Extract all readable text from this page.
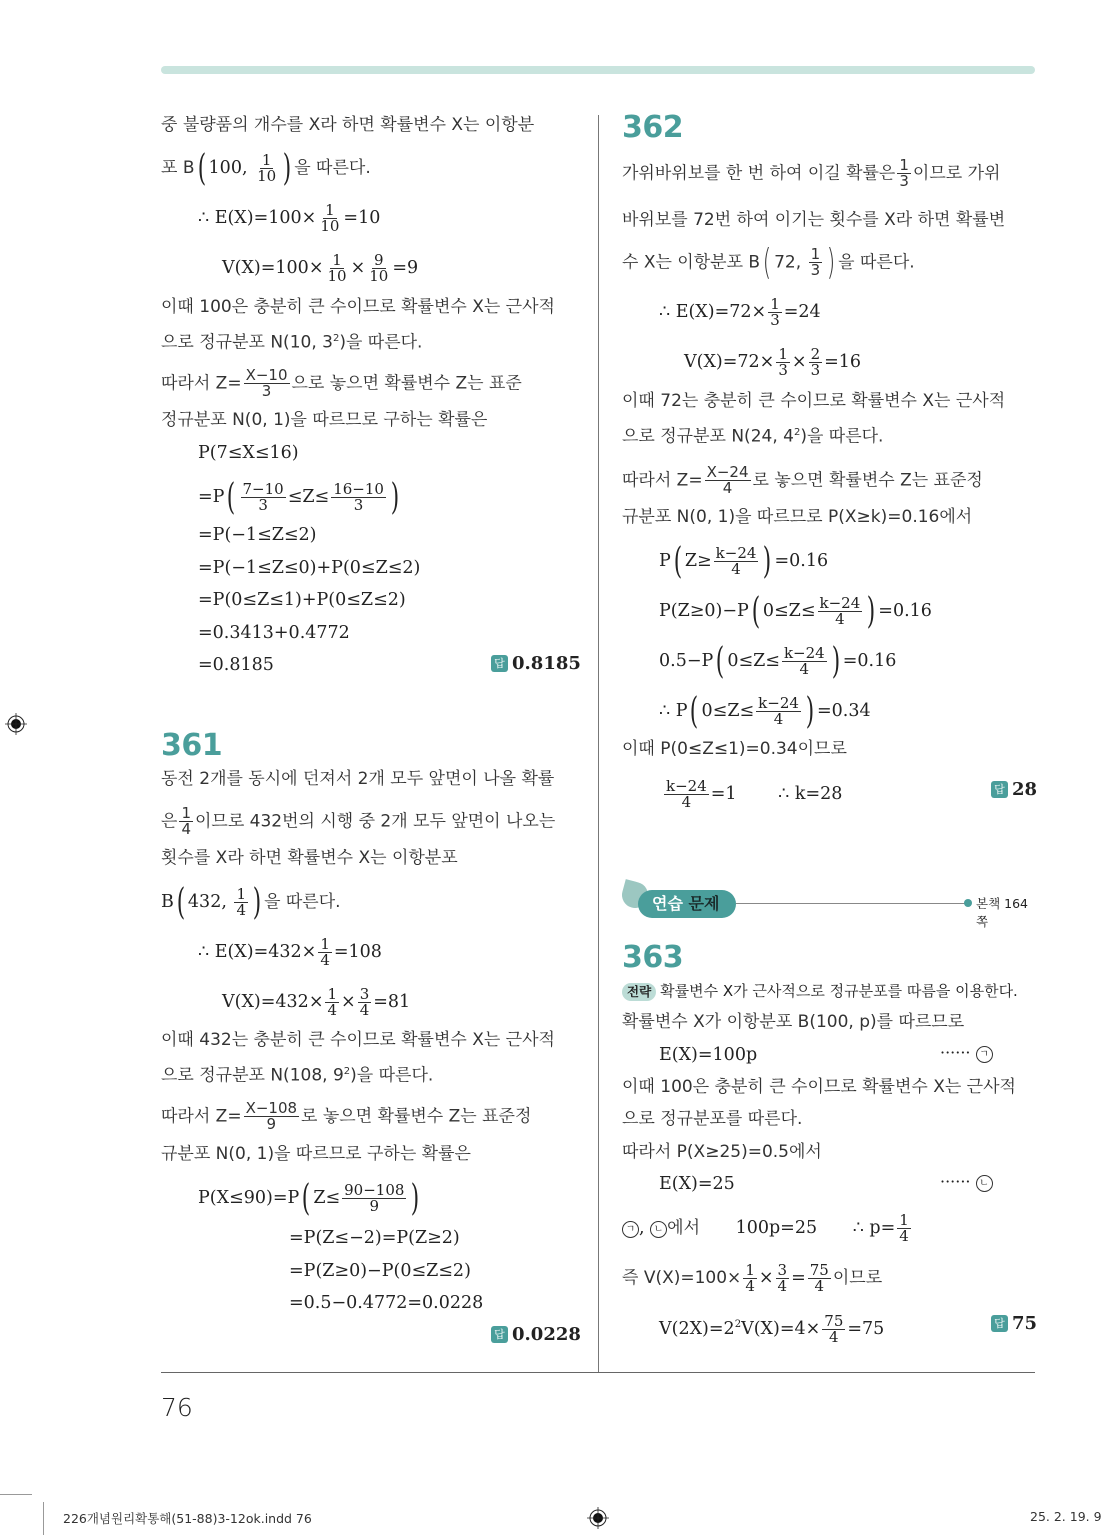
중 불량품의 개수를 X라 하면 확률변수 X는 이항분
포 B( 100, $\frac{1}{10}$ ) 을 따른다.
∴ $E(X)=100\times \frac{1}{10} =10$
$V(X)=100\times \frac{1}{10} \times \frac{9}{10} =9$
이때 100은 충분히 큰 수이므로 확률변수 X는 근사적
으로 정규분포 N(10, $3^2$)을 따른다.
따라서 $Z= \frac{X-10}{3}$ 으로 놓으면 확률변수 Z는 표준
정규분포 N(0, 1)을 따르므로 구하는 확률은
P(7≤X≤16)
$=P( \frac{7-10}{3} \le Z\le \frac{16-10}{3}$ )
=P(−1≤Z≤2)
=P(−1≤Z≤0)+P(0≤Z≤2)
=P(0≤Z≤1)+P(0≤Z≤2)
=0.3413+0.4772
=0.8185	답 0.8185
361
동전 2개를 동시에 던져서 2개 모두 앞면이 나올 확률
은 $\frac{1}{4}$ 이므로 432번의 시행 중 2개 모두 앞면이 나오는
횟수를 X라 하면 확률변수 X는 이항분포
B( 432, $\frac{1}{4}$ ) 을 따른다.
∴ $E(X)=432\times \frac{1}{4} =108$
$V(X)=432\times \frac{1}{4} \times \frac{3}{4} =81$
이때 432는 충분히 큰 수이므로 확률변수 X는 근사적
으로 정규분포 N(108, $9^2$)을 따른다.
따라서 $Z= \frac{X-108}{9}$ 로 놓으면 확률변수 Z는 표준정
규분포 N(0, 1)을 따르므로 구하는 확률은
P(X≤90)=P( $Z\le \frac{90-108}{9}$ )
=P(Z≤−2)=P(Z≥2)
=P(Z≥0)−P(0≤Z≤2)
=0.5−0.4772=0.0228
답 0.0228
362
가위바위보를 한 번 하여 이길 확률은 $\frac{1}{3}$ 이므로 가위
바위보를 72번 하여 이기는 횟수를 X라 하면 확률변
수 X는 이항분포 B( 72, $\frac{1}{3}$ ) 을 따른다.
∴ $E(X)=72\times \frac{1}{3} =24$
$V(X)=72\times \frac{1}{3} \times \frac{2}{3} =16$
이때 72는 충분히 큰 수이므로 확률변수 X는 근사적
으로 정규분포 N(24, $4^2$)을 따른다.
따라서 $Z= \frac{X-24}{4}$ 로 놓으면 확률변수 Z는 표준정
규분포 N(0, 1)을 따르므로 P(X≥k)=0.16에서
P( $Z\ge \frac{k-24}{4}$ ) =0.16
P(Z≥0)−P( $0\le Z\le \frac{k-24}{4}$ ) =0.16
0.5−P( $0\le Z\le \frac{k-24}{4}$ ) =0.16
∴ P( $0\le Z\le \frac{k-24}{4}$ ) =0.34
이때 P(0≤Z≤1)=0.34이므로
$\frac{k-24}{4} =1$ ∴ k=28	답 28
연습 문제	본책 164쪽
363
전략 확률변수 X가 근사적으로 정규분포를 따름을 이용한다.
확률변수 X가 이항분포 B(100, p)를 따르므로
E(X)=100p	······ ㄱ
이때 100은 충분히 큰 수이므로 확률변수 X는 근사적
으로 정규분포를 따른다.
따라서 P(X≥25)=0.5에서
E(X)=25	······ ㄴ
ㄱ , ㄴ 에서 100p=25 ∴ $p= \frac{1}{4}$
즉 $V(X)=100\times \frac{1}{4} \times \frac{3}{4} = \frac{75}{4}$ 이므로
$V(2X)=2^2V(X)=4\times \frac{75}{4} =75$	답 75
76
226개념원리확통해(51-88)3-12ok.indd 76	25. 2. 19. 9
